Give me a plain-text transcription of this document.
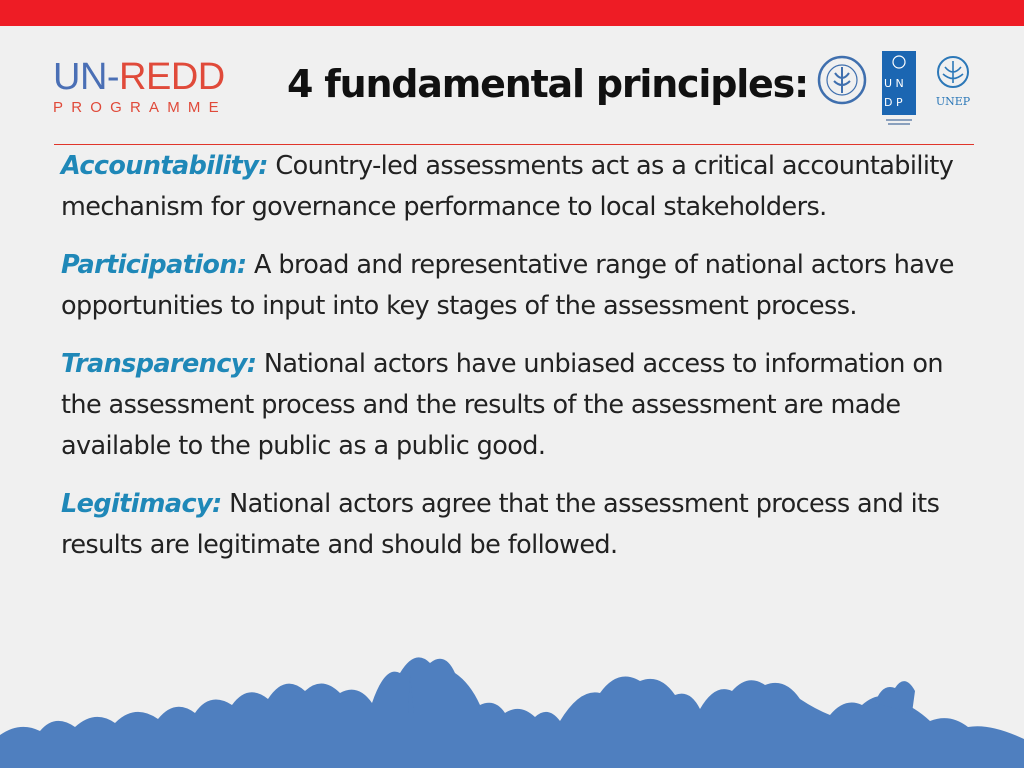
UN-REDD
PROGRAMME
4 fundamental principles:	U N
D P	UNEP

Accountability: Country-led assessments act as a critical accountability mechanism for governance performance to local stakeholders.

Participation: A broad and representative range of national actors have opportunities to input into key stages of the assessment process.

Transparency: National actors have unbiased access to information on the assessment process and the results of the assessment are made available to the public as a public good.

Legitimacy: National actors agree that the assessment process and its results are legitimate and should be followed.
